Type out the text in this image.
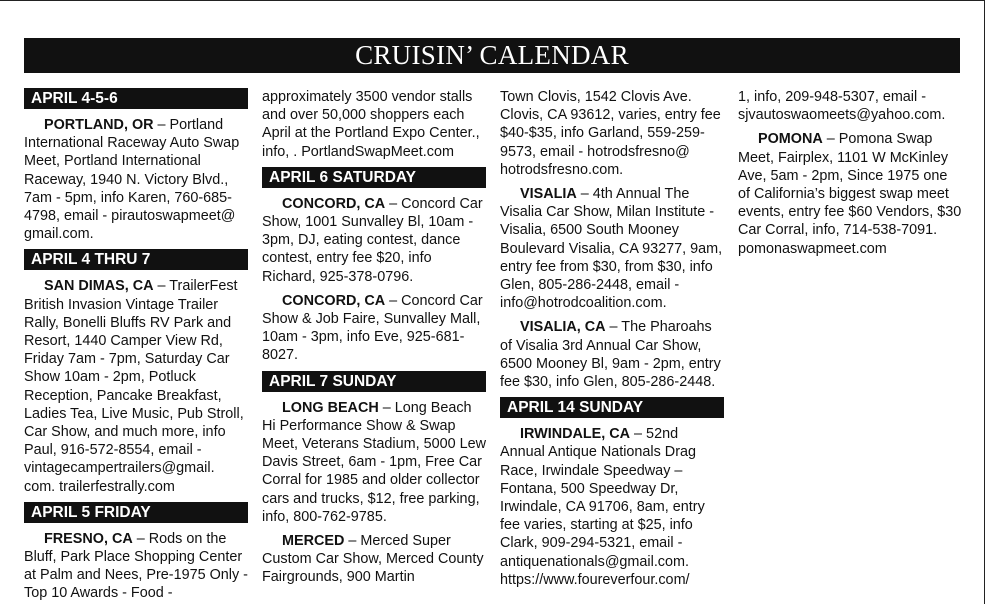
CRUISIN’ CALENDAR
APRIL 4-5-6

PORTLAND, OR – Portland International Raceway Auto Swap Meet, Portland International Raceway, 1940 N. Victory Blvd., 7am - 5pm, info Karen, 760-685-4798, email - pirautoswapmeet@ gmail.com.

APRIL 4 THRU 7

SAN DIMAS, CA – TrailerFest British Invasion Vintage Trailer Rally, Bonelli Bluffs RV Park and Resort, 1440 Camper View Rd, Friday 7am - 7pm, Saturday Car Show 10am - 2pm, Potluck Reception, Pancake Breakfast, Ladies Tea, Live Music, Pub Stroll, Car Show, and much more, info Paul, 916-572-8554, email - vintagecampertrailers@gmail. com. trailerfestrally.com

APRIL 5 FRIDAY

FRESNO, CA – Rods on the Bluff, Park Place Shopping Center at Palm and Nees, Pre-1975 Only - Top 10 Awards - Food -

approximately 3500 vendor stalls and over 50,000 shoppers each April at the Portland Expo Center., info, . PortlandSwapMeet.com

APRIL 6 SATURDAY

CONCORD, CA – Concord Car Show, 1001 Sunvalley Bl, 10am - 3pm, DJ, eating contest, dance contest, entry fee $20, info Richard, 925-378-0796.

CONCORD, CA – Concord Car Show & Job Faire, Sunvalley Mall, 10am - 3pm, info Eve, 925-681-8027.

APRIL 7 SUNDAY

LONG BEACH – Long Beach Hi Performance Show & Swap Meet, Veterans Stadium, 5000 Lew Davis Street, 6am - 1pm, Free Car Corral for 1985 and older collector cars and trucks, $12, free parking, info, 800-762-9785.

MERCED – Merced Super Custom Car Show, Merced County Fairgrounds, 900 Martin

Town Clovis, 1542 Clovis Ave. Clovis, CA 93612, varies, entry fee $40-$35, info Garland, 559-259-9573, email - hotrodsfresno@ hotrodsfresno.com.

VISALIA – 4th Annual The Visalia Car Show, Milan Institute - Visalia, 6500 South Mooney Boulevard Visalia, CA 93277, 9am, entry fee from $30, from $30, info Glen, 805-286-2448, email - info@hotrodcoalition.com.

VISALIA, CA – The Pharoahs of Visalia 3rd Annual Car Show, 6500 Mooney Bl, 9am - 2pm, entry fee $30, info Glen, 805-286-2448.

APRIL 14 SUNDAY

IRWINDALE, CA – 52nd Annual Antique Nationals Drag Race, Irwindale Speedway – Fontana, 500 Speedway Dr, Irwindale, CA 91706, 8am, entry fee varies, starting at $25, info Clark, 909-294-5321, email - antiquenationals@gmail.com. https://www.foureverfour.com/

1, info, 209-948-5307, email - sjvautoswaomeets@yahoo.com.

POMONA – Pomona Swap Meet, Fairplex, 1101 W McKinley Ave, 5am - 2pm, Since 1975 one of California’s biggest swap meet events, entry fee $60 Vendors, $30 Car Corral, info, 714-538-7091. pomonaswapmeet.com
